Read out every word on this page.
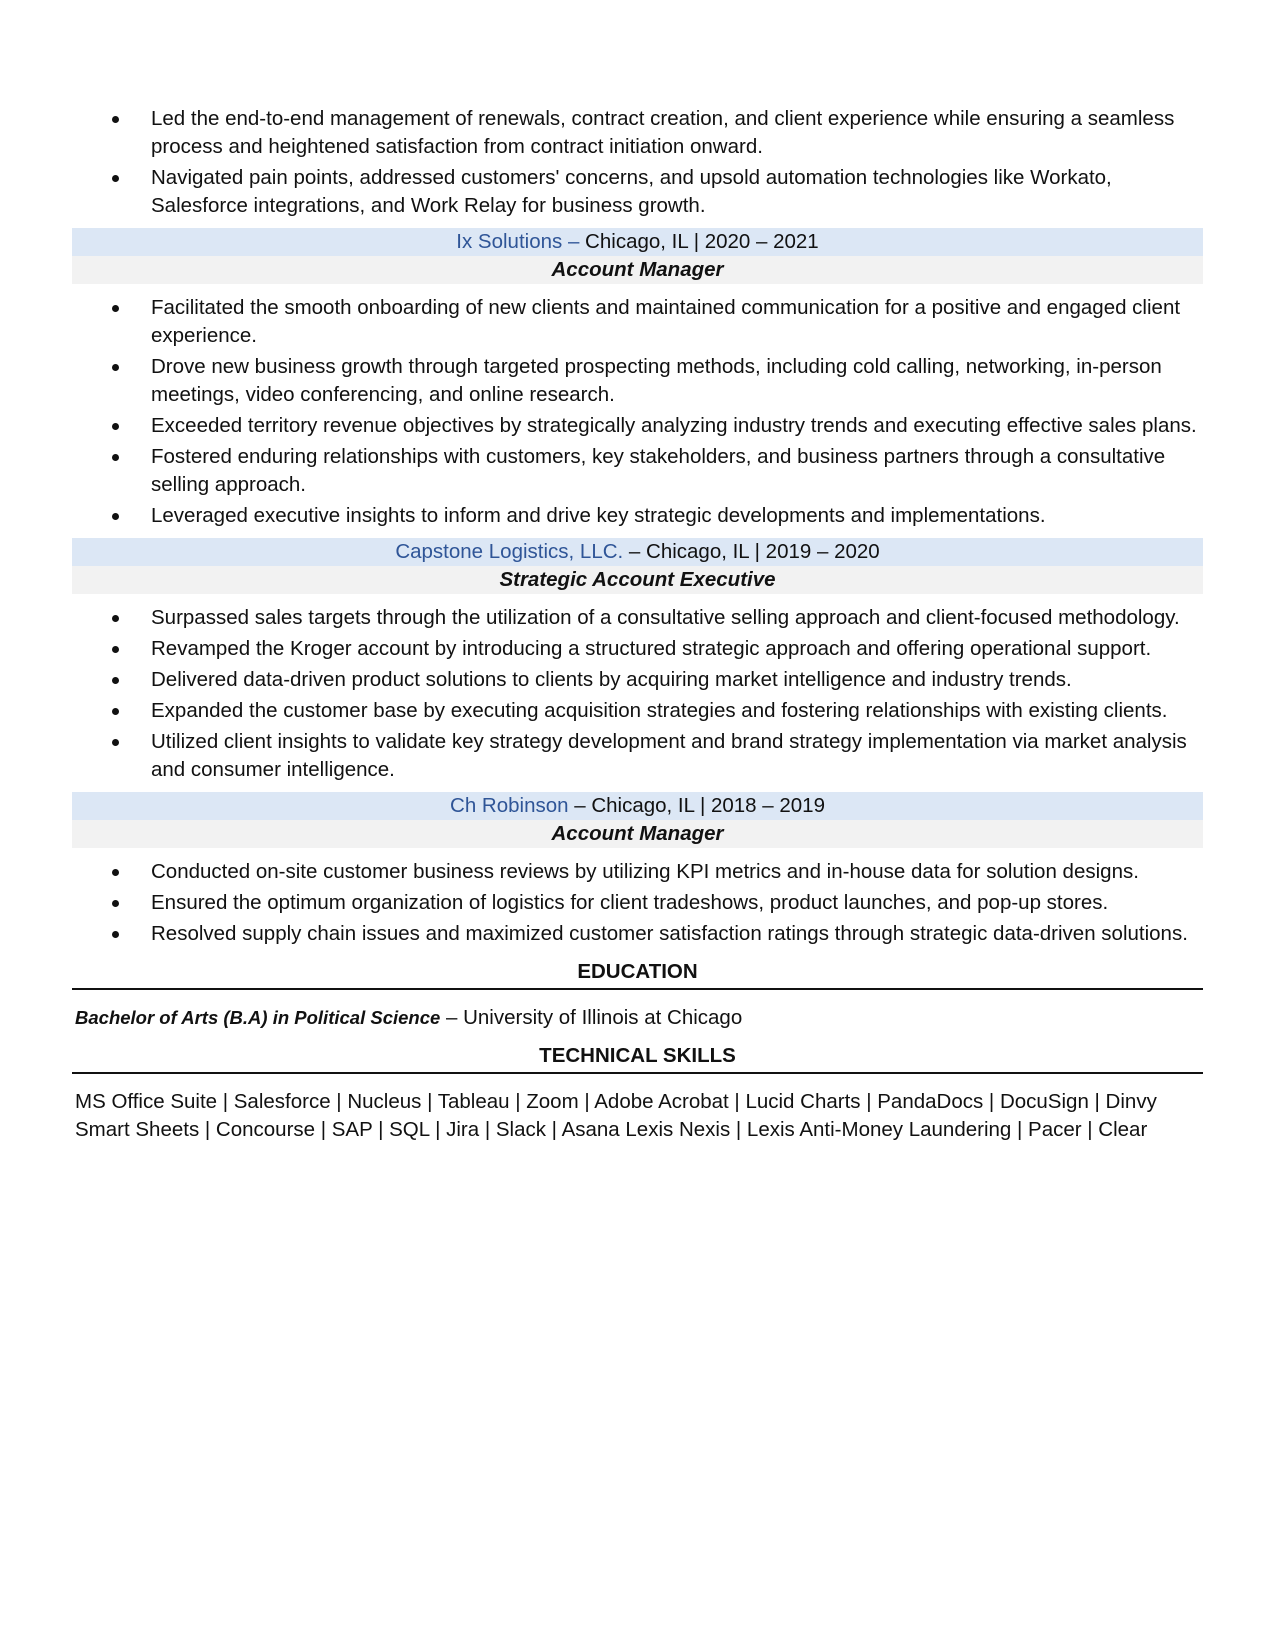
Led the end-to-end management of renewals, contract creation, and client experience while ensuring a seamless process and heightened satisfaction from contract initiation onward.
Navigated pain points, addressed customers' concerns, and upsold automation technologies like Workato, Salesforce integrations, and Work Relay for business growth.
Ix Solutions – Chicago, IL | 2020 – 2021
Account Manager
Facilitated the smooth onboarding of new clients and maintained communication for a positive and engaged client experience.
Drove new business growth through targeted prospecting methods, including cold calling, networking, in-person meetings, video conferencing, and online research.
Exceeded territory revenue objectives by strategically analyzing industry trends and executing effective sales plans.
Fostered enduring relationships with customers, key stakeholders, and business partners through a consultative selling approach.
Leveraged executive insights to inform and drive key strategic developments and implementations.
Capstone Logistics, LLC. – Chicago, IL | 2019 – 2020
Strategic Account Executive
Surpassed sales targets through the utilization of a consultative selling approach and client-focused methodology.
Revamped the Kroger account by introducing a structured strategic approach and offering operational support.
Delivered data-driven product solutions to clients by acquiring market intelligence and industry trends.
Expanded the customer base by executing acquisition strategies and fostering relationships with existing clients.
Utilized client insights to validate key strategy development and brand strategy implementation via market analysis and consumer intelligence.
Ch Robinson – Chicago, IL | 2018 – 2019
Account Manager
Conducted on-site customer business reviews by utilizing KPI metrics and in-house data for solution designs.
Ensured the optimum organization of logistics for client tradeshows, product launches, and pop-up stores.
Resolved supply chain issues and maximized customer satisfaction ratings through strategic data-driven solutions.
EDUCATION
Bachelor of Arts (B.A) in Political Science – University of Illinois at Chicago
TECHNICAL SKILLS
MS Office Suite | Salesforce | Nucleus | Tableau | Zoom | Adobe Acrobat | Lucid Charts | PandaDocs | DocuSign | Dinvy Smart Sheets | Concourse | SAP | SQL | Jira | Slack | Asana Lexis Nexis | Lexis Anti-Money Laundering | Pacer | Clear
